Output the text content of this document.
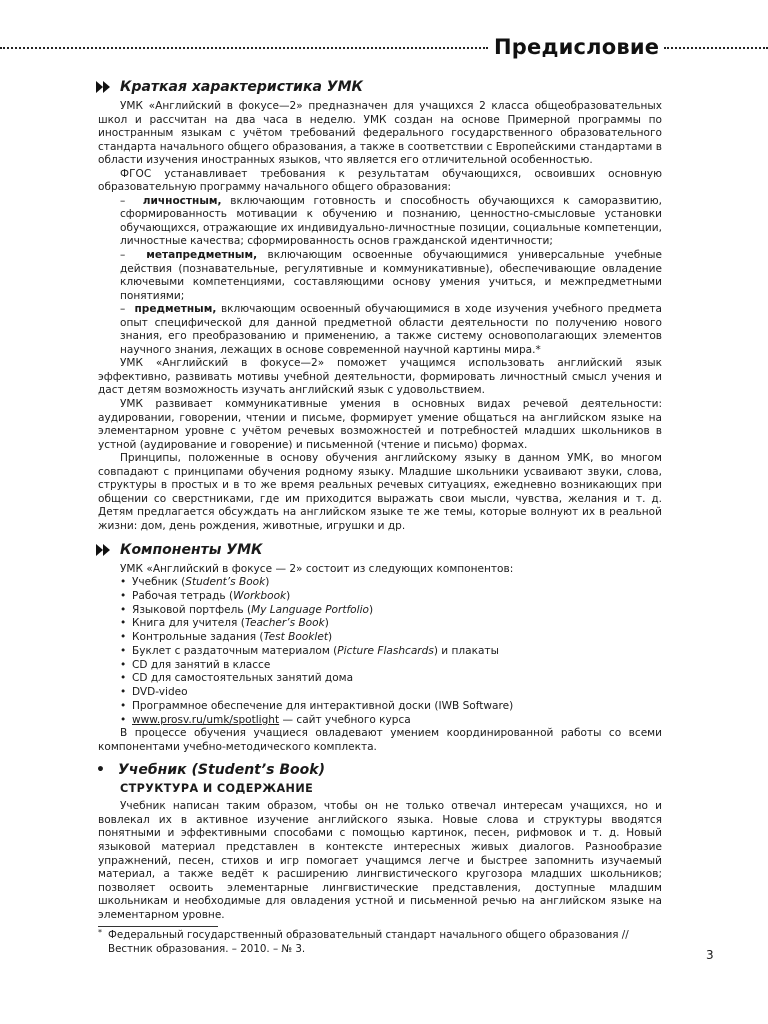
Предисловие
Краткая характеристика УМК

УМК «Английский в фокусе—2» предназначен для учащихся 2 класса общеобразовательных школ и рассчитан на два часа в неделю. УМК создан на основе Примерной программы по иностранным языкам с учётом требований федерального государственного образовательного стандарта начального общего образования, а также в соответствии с Европейскими стандартами в области изучения иностранных языков, что является его отличительной особенностью.

ФГОС устанавливает требования к результатам обучающихся, освоивших основную образовательную программу начального общего образования:

–  личностным, включающим готовность и способность обучающихся к саморазвитию, сформированность мотивации к обучению и познанию, ценностно-смысловые установки обучающихся, отражающие их индивидуально-личностные позиции, социальные компетенции, личностные качества; сформированность основ гражданской идентичности;

–  метапредметным, включающим освоенные обучающимися универсальные учебные действия (познавательные, регулятивные и коммуникативные), обеспечивающие овладение ключевыми компетенциями, составляющими основу умения учиться, и межпредметными понятиями;

–  предметным, включающим освоенный обучающимися в ходе изучения учебного предмета опыт специфической для данной предметной области деятельности по получению нового знания, его преобразованию и применению, а также систему основополагающих элементов научного знания, лежащих в основе современной научной картины мира.*

УМК «Английский в фокусе—2» поможет учащимся использовать английский язык эффективно, развивать мотивы учебной деятельности, формировать личностный смысл учения и даст детям возможность изучать английский язык с удовольствием.

УМК развивает коммуникативные умения в основных видах речевой деятельности: аудировании, говорении, чтении и письме, формирует умение общаться на английском языке на элементарном уровне с учётом речевых возможностей и потребностей младших школьников в устной (аудирование и говорение) и письменной (чтение и письмо) формах.

Принципы, положенные в основу обучения английскому языку в данном УМК, во многом совпадают с принципами обучения родному языку. Младшие школьники усваивают звуки, слова, структуры в простых и в то же время реальных речевых ситуациях, ежедневно возникающих при общении со сверстниками, где им приходится выражать свои мысли, чувства, желания и т. д. Детям предлагается обсуждать на английском языке те же темы, которые волнуют их в реальной жизни: дом, день рождения, животные, игрушки и др.

Компоненты УМК

УМК «Английский в фокусе — 2» состоит из следующих компонентов:

• Учебник (Student’s Book)
• Рабочая тетрадь (Workbook)
• Языковой портфель (My Language Portfolio)
• Книга для учителя (Teacher’s Book)
• Контрольные задания (Test Booklet)
• Буклет с раздаточным материалом (Picture Flashcards) и плакаты
• CD для занятий в классе
• CD для самостоятельных занятий дома
• DVD-video
• Программное обеспечение для интерактивной доски (IWB Software)
• www.prosv.ru/umk/spotlight — сайт учебного курса

В процессе обучения учащиеся овладевают умением координированной работы со всеми компонентами учебно-методического комплекта.

• Учебник (Student’s Book)
СТРУКТУРА И СОДЕРЖАНИЕ

Учебник написан таким образом, чтобы он не только отвечал интересам учащихся, но и вовлекал их в активное изучение английского языка. Новые слова и структуры вводятся понятными и эффективными способами с помощью картинок, песен, рифмовок и т. д. Новый языковой материал представлен в контексте интересных живых диалогов. Разнообразие упражнений, песен, стихов и игр помогает учащимся легче и быстрее запомнить изучаемый материал, а также ведёт к расширению лингвистического кругозора младших школьников; позволяет освоить элементарные лингвистические представления, доступные младшим школьникам и необходимые для овладения устной и письменной речью на английском языке на элементарном уровне.

* Федеральный государственный образовательный стандарт начального общего образования // Вестник образования. – 2010. – № 3.	3
